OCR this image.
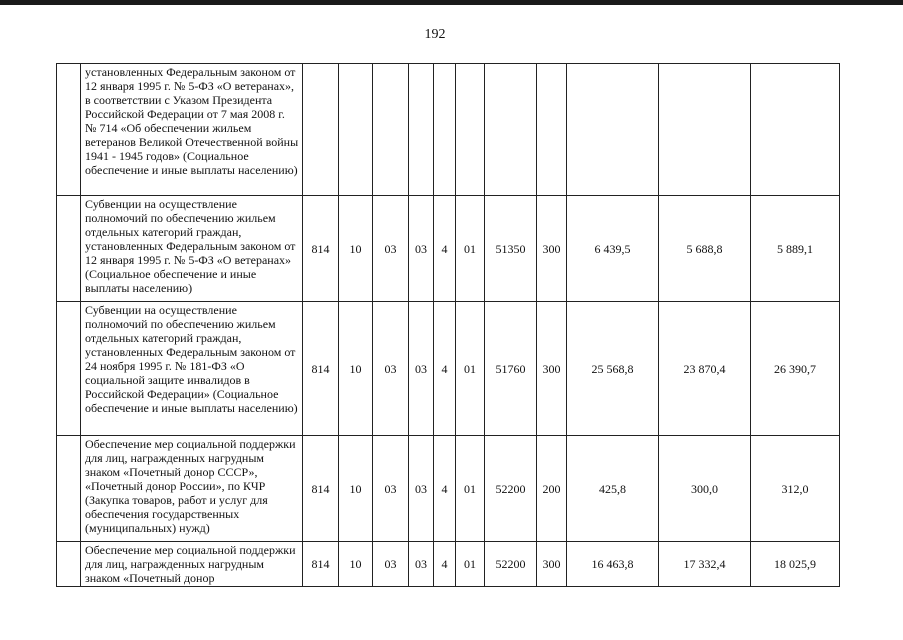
192
	установленных Федеральным законом от 12 января 1995 г. № 5-ФЗ «О ветеранах», в соответствии с Указом Президента Российской Федерации от 7 мая 2008 г. № 714 «Об обеспечении жильем ветеранов Великой Отечественной войны 1941 - 1945 годов» (Социальное обеспечение и иные выплаты населению)											
	Субвенции на осуществление полномочий по обеспечению жильем отдельных категорий граждан, установленных Федеральным законом от 12 января 1995 г. № 5-ФЗ «О ветеранах» (Социальное обеспечение и иные выплаты населению)	814	10	03	03	4	01	51350	300	6 439,5	5 688,8	5 889,1
	Субвенции на осуществление полномочий по обеспечению жильем отдельных категорий граждан, установленных Федеральным законом от 24 ноября 1995 г. № 181-ФЗ «О социальной защите инвалидов в Российской Федерации» (Социальное обеспечение и иные выплаты населению)	814	10	03	03	4	01	51760	300	25 568,8	23 870,4	26 390,7
	Обеспечение мер социальной поддержки для лиц, награжденных нагрудным знаком «Почетный донор СССР», «Почетный донор России», по КЧР (Закупка товаров, работ и услуг для обеспечения государственных (муниципальных) нужд)	814	10	03	03	4	01	52200	200	425,8	300,0	312,0
	Обеспечение мер социальной поддержки для лиц, награжденных нагрудным знаком «Почетный донор	814	10	03	03	4	01	52200	300	16 463,8	17 332,4	18 025,9
